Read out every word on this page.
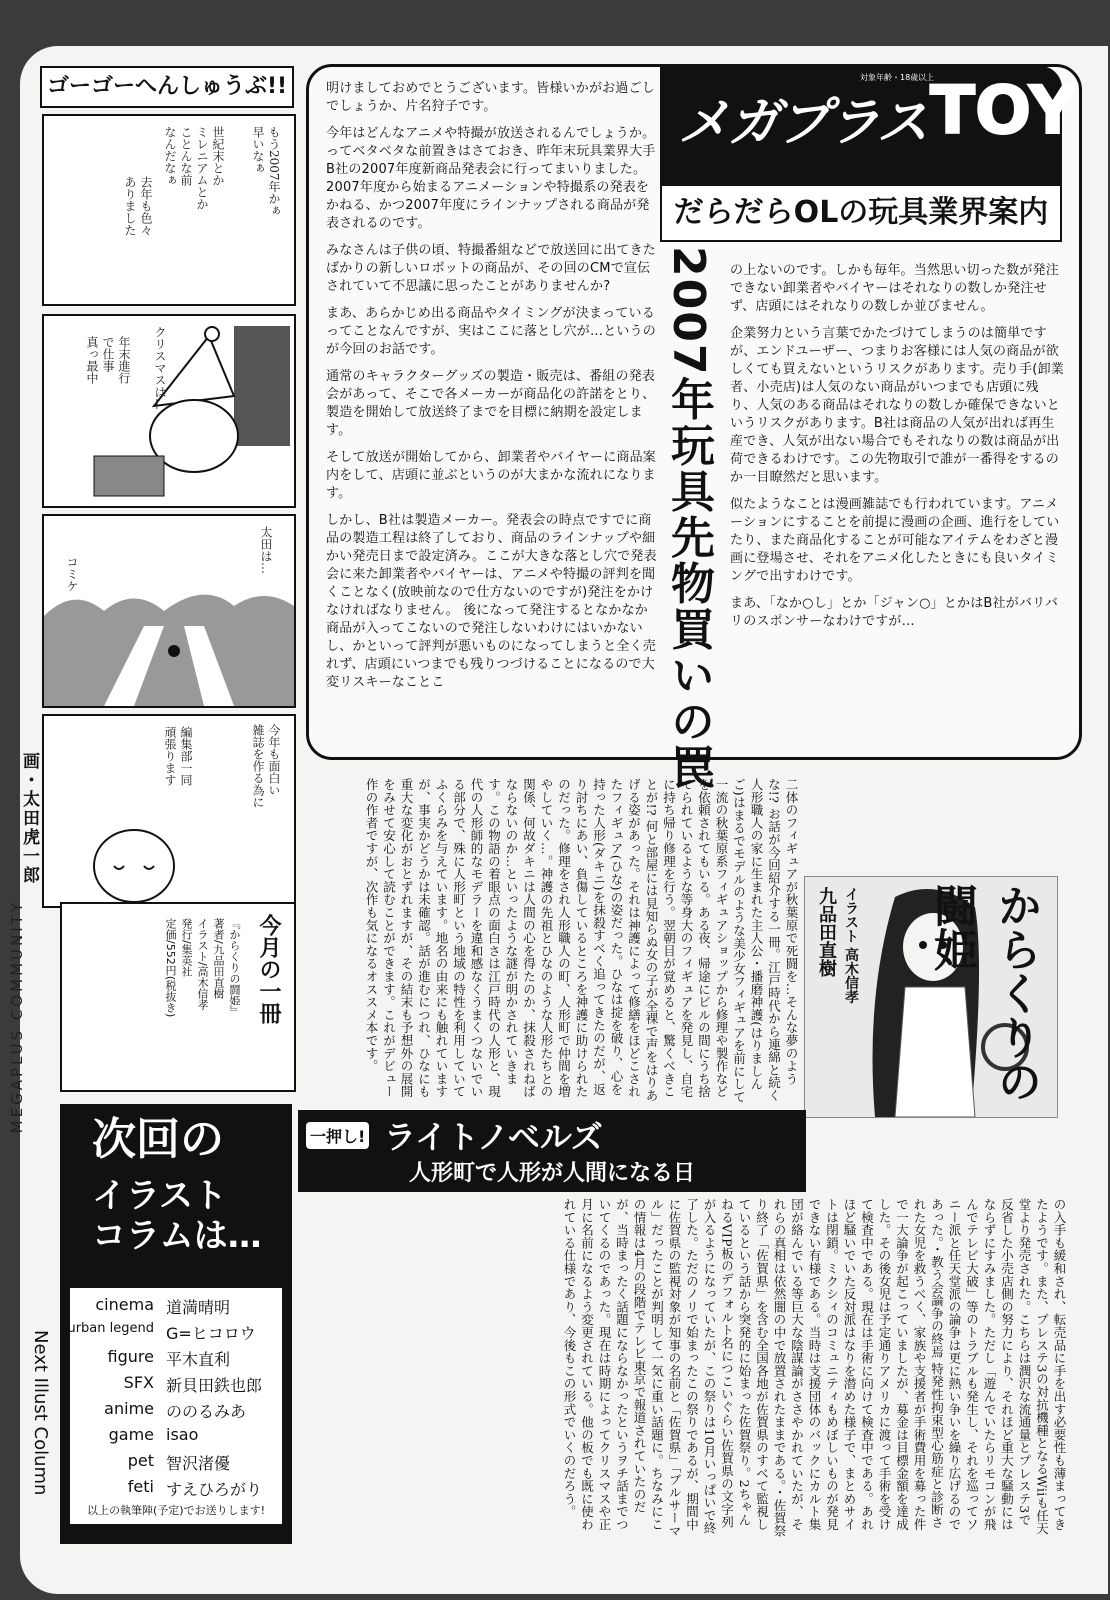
MEGAPLUS COMMUNITY
ゴーゴーへんしゅうぶ!!
もう2007年かぁ
早いなぁ
世紀末とか
ミレニアムとか
ことんな前
なんだなぁ
去年も色々
ありました
クリスマスは…
年末進行
で仕事
真っ最中
太田は…
コミケ
今年も面白い
雑誌を作る為に
編集部一同
頑張ります
画・太田虎一郎

明けましておめでとうございます。皆様いかがお過ごしでしょうか、片名狩子です。

今年はどんなアニメや特撮が放送されるんでしょうか。ってベタベタな前置きはさておき、昨年末玩具業界大手B社の2007年度新商品発表会に行ってまいりました。2007年度から始まるアニメーションや特撮系の発表をかねる、かつ2007年度にラインナップされる商品が発表されるのです。

みなさんは子供の頃、特撮番組などで放送回に出てきたばかりの新しいロボットの商品が、その回のCMで宣伝されていて不思議に思ったことがありませんか?

まあ、あらかじめ出る商品やタイミングが決まっているってことなんですが、実はここに落とし穴が…というのが今回のお話です。

通常のキャラクターグッズの製造・販売は、番組の発表会があって、そこで各メーカーが商品化の許諾をとり、製造を開始して放送終了までを目標に納期を設定します。

そして放送が開始してから、卸業者やバイヤーに商品案内をして、店頭に並ぶというのが大まかな流れになります。

しかし、B社は製造メーカー。発表会の時点ですでに商品の製造工程は終了しており、商品のラインナップや細かい発売日まで設定済み。ここが大きな落とし穴で発表会に来た卸業者やバイヤーは、アニメや特撮の評判を聞くことなく(放映前なので仕方ないのですが)発注をかけなければなりません。 後になって発注するとなかなか商品が入ってこないので発注しないわけにはいかないし、かといって評判が悪いものになってしまうと全く売れず、店頭にいつまでも残りつづけることになるので大変リスキーなことこ

メガプラス TOY
だらだらOLの玩具業界案内
対象年齢・18歳以上
2007年玩具先物買いの罠	の上ないのです。しかも毎年。当然思い切った数が発注できない卸業者やバイヤーはそれなりの数しか発注せず、店頭にはそれなりの数しか並びません。

企業努力という言葉でかたづけてしまうのは簡単ですが、エンドユーザー、つまりお客様には人気の商品が欲しくても買えないというリスクがあります。売り手(卸業者、小売店)は人気のない商品がいつまでも店頭に残り、人気のある商品はそれなりの数しか確保できないというリスクがあります。B社は商品の人気が出れば再生産でき、人気が出ない場合でもそれなりの数は商品が出荷できるわけです。この先物取引で誰が一番得をするのか一目瞭然だと思います。

似たようなことは漫画雑誌でも行われています。アニメーションにすることを前提に漫画の企画、進行をしていたり、また商品化することが可能なアイテムをわざと漫画に登場させ、それをアニメ化したときにも良いタイミングで出すわけです。

まあ、「なか○し」とか「ジャン○」とかはB社がバリバリのスポンサーなわけですが…

今月の一冊
『からくりの闘姫』
著者/九品田直樹
イラスト/高木信孝
発行/集英社
定価/552円(税抜き)
次回の
イラスト
コラムは…
cinema 道満晴明
urban legend G=ヒコロウ
figure 平木直利
SFX 新貝田鉄也郎
anime ののるみあ
game isao
pet 智沢渚優
feti すえひろがり
以上の執筆陣(予定)でお送りします!
Next Illust Column

二体のフィギュアが秋葉原で死闘を…そんな夢のような!? お話が今回紹介する一冊。江戸時代から連綿と続く人形職人の家に生まれた主人公・播磨神護(はりましんご)はまるでモデルのような美少女フィギュアを前にして一流の秋葉原系フィギュアショップから修理や製作などを依頼されてもいる。ある夜、帰途にビルの間にうち捨てられているような等身大のフィギュアを発見し、自宅に持ち帰り修理を行う。翌朝目が覚めると、驚くべきことが!? 何と部屋には見知らぬ女の子が全裸で声をはりあげる姿があった。それは神護によって修繕をほどこされたフィギュア(ひな)の姿だった。ひなは掟を破り、心を持った人形(ダキニ)を抹殺すべく追ってきたのだが、返り討ちにあい、負傷しているところを神護に助けられたのだった。修理をされ人形職人の町、人形町で仲間を増やしていく…。神護の先祖とひなのような人形たちとの関係、何故ダキニは人間の心を得たのか、抹殺されねばならないのか…といったような謎が明かされていきます。この物語の着眼点の面白さは江戸時代の人形と、現代の人形師的なモデラーを違和感なくうまくつないでいる部分で、殊に人形町という地域の特性を利用していてふくらみを与えています。地名の由来にも触れていますが、事実かどうかは未確認。話が進むにつれ、ひなにも重大な変化がおとずれますが、その結末も予想外の展開をみせて安心して読むことができます。これがデビュー作の作者ですが、次作も気になるオススメ本です。	からくりの闘姫
九品田直樹 イラスト 高木信孝
一押し! ライトノベルズ
人形町で人形が人間になる日

の入手も緩和され、転売品に手を出す必要性も薄まってきたようです。また、プレステ3の対抗機種となるWiiも任天堂より発売された。こちらは潤沢な流通量とプレステ3で反省した小売店側の努力により、それほど重大な騒動にはならずにすみました。ただし「遊んでいたらリモコンが飛んでテレビ大破」等のトラブルも発生し、それを巡ってソニー派と任天堂派の論争は更に熱い争いを繰り広げるのであった。・教う会論争の終焉 特発性拘束型心筋症と診断された女児を救うべく、家族や支援者が手術費用を募った件で一大論争が起こっていましたが、募金は目標金額を達成した。その後女児は予定通りアメリカに渡って手術を受けて検査中である。現在は手術に向けて検査中である。あれほど騒いでいた反対派はなりを潜めた様子で、まとめサイトは閉鎖。ミクシィのコミュニティもめぼしいものが発見できない有様である。当時は支援団体のバックにカルト集団が絡んでいる等巨大な陰謀論がささやかれていたが、それらの真相は依然闇の中で放置されたままである。・佐賀祭り終了「佐賀県」を含む全国各地が佐賀県のすべて監視しているという話から突発的に始まった佐賀祭り。2ちゃんねるVIP板のデフォルト名につこいぐらい佐賀県の文字列が入るようになっていたが、この祭りは10月いっぱいで終了した。ただのノリで始まったこの祭りであるが、期間中に佐賀県の監視対象が知事の名前と「佐賀県」「ブルサーマル」だったことが判明して一気に重い話題に。ちなみにこの情報は4月の段階でテレビ東京で報道されていたのだが、当時まったく話題にならなかったというヲチ話までついてくるのであった。現在は時期によってクリスマスや正月に名前になるよう変更されている。他の板でも既に使われている仕様であり、今後もこの形式でいくのだろう。
